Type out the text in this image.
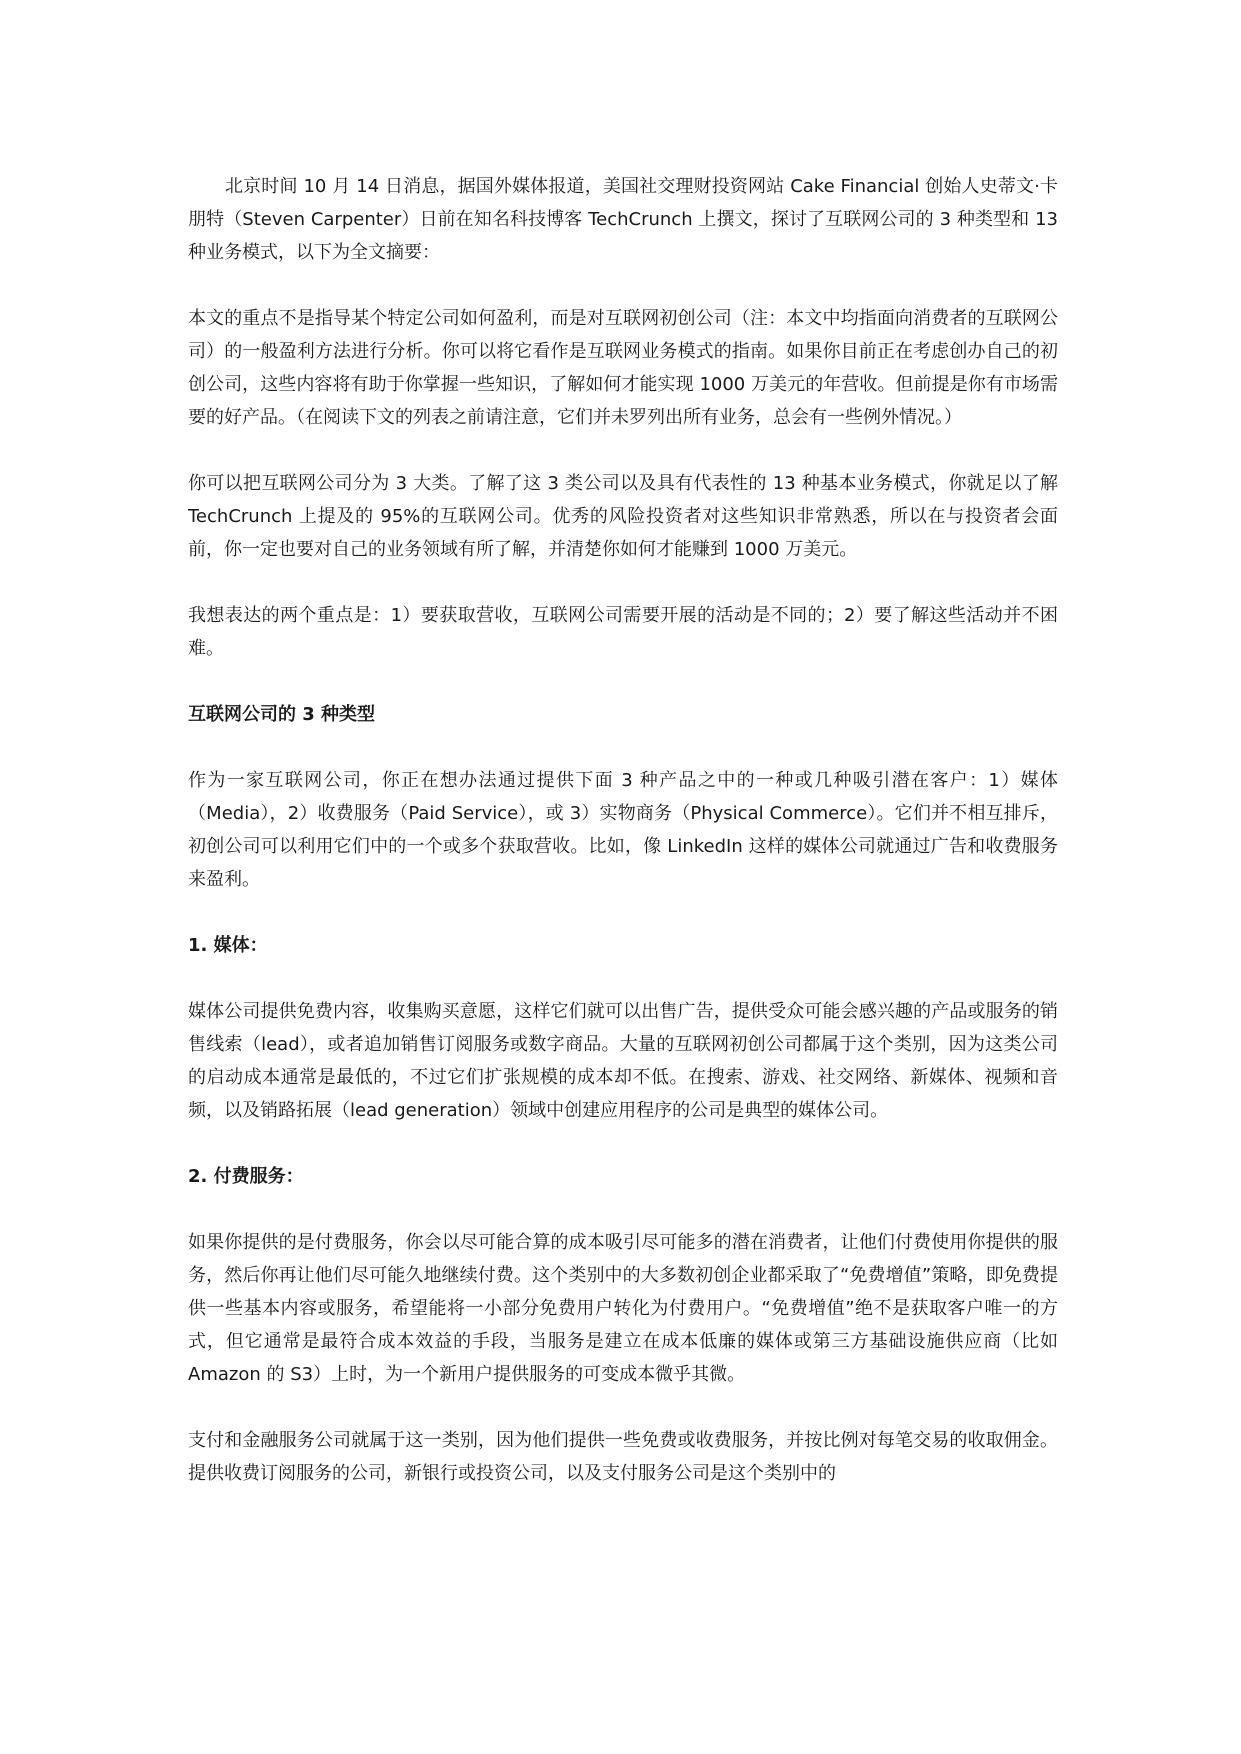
北京时间 10 月 14 日消息，据国外媒体报道，美国社交理财投资网站 Cake Financial 创始人史蒂文·卡朋特（Steven Carpenter）日前在知名科技博客 TechCrunch 上撰文，探讨了互联网公司的 3 种类型和 13 种业务模式，以下为全文摘要：

本文的重点不是指导某个特定公司如何盈利，而是对互联网初创公司（注：本文中均指面向消费者的互联网公司）的一般盈利方法进行分析。你可以将它看作是互联网业务模式的指南。如果你目前正在考虑创办自己的初创公司，这些内容将有助于你掌握一些知识，了解如何才能实现 1000 万美元的年营收。但前提是你有市场需要的好产品。（在阅读下文的列表之前请注意，它们并未罗列出所有业务，总会有一些例外情况。）

你可以把互联网公司分为 3 大类。了解了这 3 类公司以及具有代表性的 13 种基本业务模式，你就足以了解 TechCrunch 上提及的 95%的互联网公司。优秀的风险投资者对这些知识非常熟悉，所以在与投资者会面前，你一定也要对自己的业务领域有所了解，并清楚你如何才能赚到 1000 万美元。

我想表达的两个重点是：1）要获取营收，互联网公司需要开展的活动是不同的；2）要了解这些活动并不困难。

互联网公司的 3 种类型

作为一家互联网公司，你正在想办法通过提供下面 3 种产品之中的一种或几种吸引潜在客户：1）媒体（Media），2）收费服务（Paid Service），或 3）实物商务（Physical Commerce）。它们并不相互排斥，初创公司可以利用它们中的一个或多个获取营收。比如，像 LinkedIn 这样的媒体公司就通过广告和收费服务来盈利。

1. 媒体：

媒体公司提供免费内容，收集购买意愿，这样它们就可以出售广告，提供受众可能会感兴趣的产品或服务的销售线索（lead），或者追加销售订阅服务或数字商品。大量的互联网初创公司都属于这个类别，因为这类公司的启动成本通常是最低的，不过它们扩张规模的成本却不低。在搜索、游戏、社交网络、新媒体、视频和音频，以及销路拓展（lead generation）领域中创建应用程序的公司是典型的媒体公司。

2. 付费服务：

如果你提供的是付费服务，你会以尽可能合算的成本吸引尽可能多的潜在消费者，让他们付费使用你提供的服务，然后你再让他们尽可能久地继续付费。这个类别中的大多数初创企业都采取了“免费增值”策略，即免费提供一些基本内容或服务，希望能将一小部分免费用户转化为付费用户。“免费增值”绝不是获取客户唯一的方式，但它通常是最符合成本效益的手段，当服务是建立在成本低廉的媒体或第三方基础设施供应商（比如 Amazon 的 S3）上时，为一个新用户提供服务的可变成本微乎其微。

支付和金融服务公司就属于这一类别，因为他们提供一些免费或收费服务，并按比例对每笔交易的收取佣金。提供收费订阅服务的公司，新银行或投资公司，以及支付服务公司是这个类别中的
